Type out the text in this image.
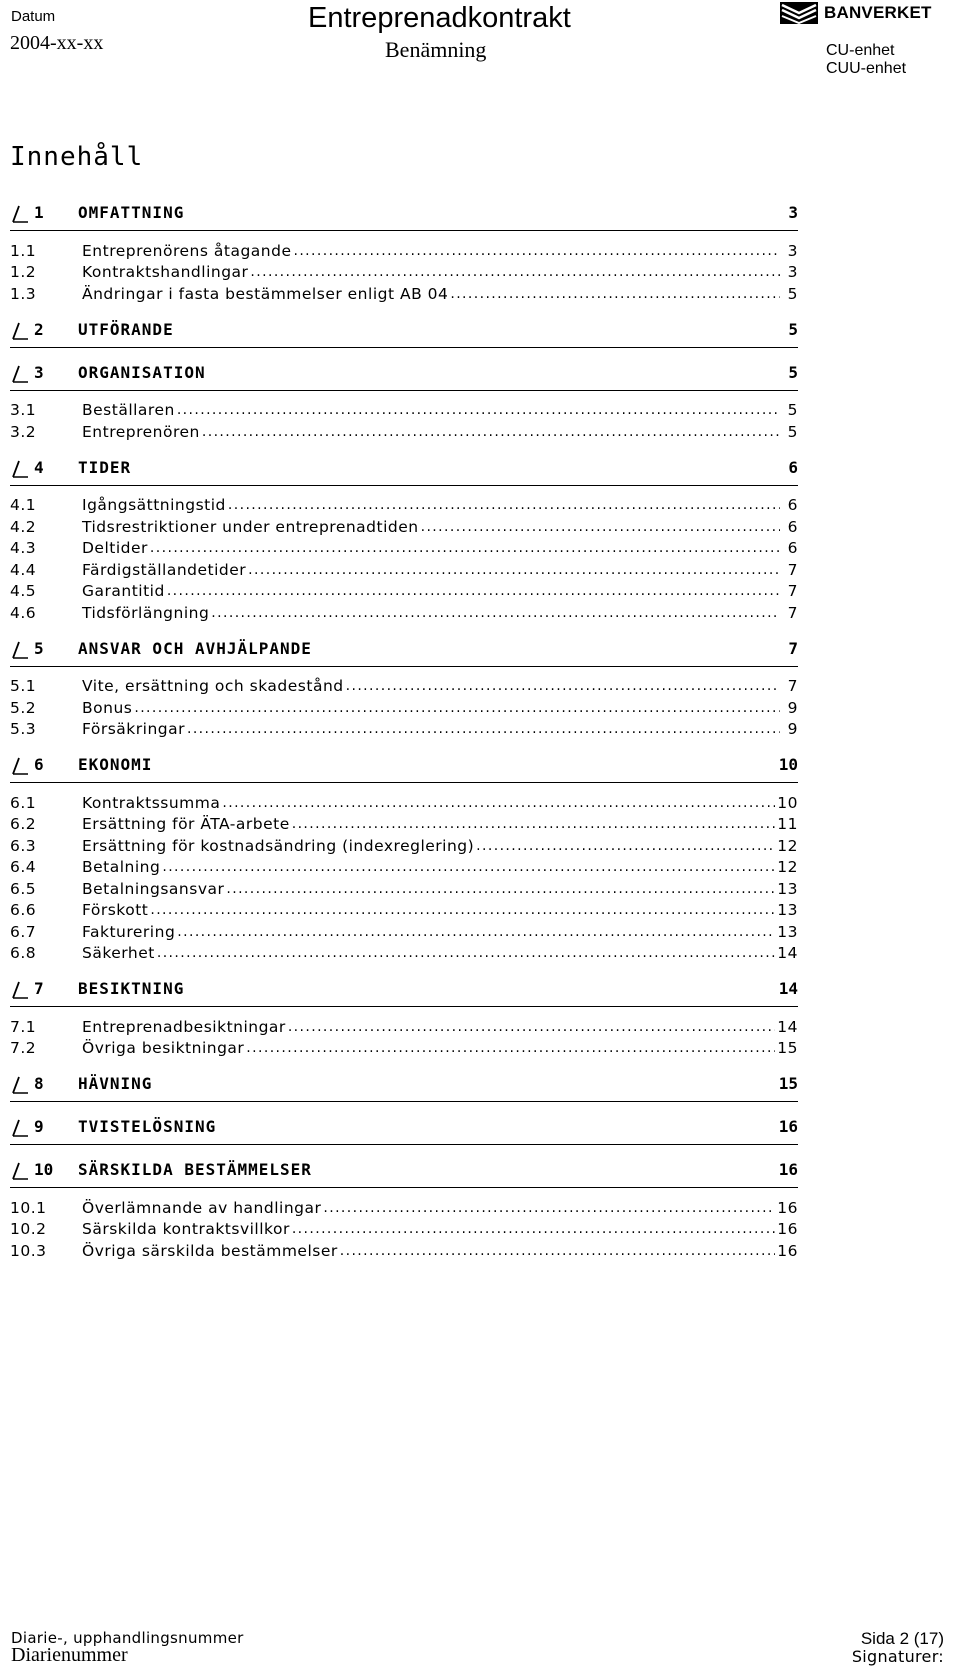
Datum
2004-xx-xx
Entreprenadkontrakt
Benämning
BANVERKET
CU-enhet
CUU-enhet
Innehåll
1	OMFATTNING	3
1.1	Entreprenörens åtagande .....	3
1.2	Kontraktshandlingar .....	3
1.3	Ändringar i fasta bestämmelser enligt AB 04 .....	5
2	UTFÖRANDE	5
3	ORGANISATION	5
3.1	Beställaren .....	5
3.2	Entreprenören .....	5
4	TIDER	6
4.1	Igångsättningstid .....	6
4.2	Tidsrestriktioner under entreprenadtiden .....	6
4.3	Deltider .....	6
4.4	Färdigställandetider .....	7
4.5	Garantitid .....	7
4.6	Tidsförlängning .....	7
5	ANSVAR OCH AVHJÄLPANDE	7
5.1	Vite, ersättning och skadestånd .....	7
5.2	Bonus .....	9
5.3	Försäkringar .....	9
6	EKONOMI	10
6.1	Kontraktssumma .....	10
6.2	Ersättning för ÄTA-arbete .....	11
6.3	Ersättning för kostnadsändring (indexreglering) .....	12
6.4	Betalning .....	12
6.5	Betalningsansvar .....	13
6.6	Förskott .....	13
6.7	Fakturering .....	13
6.8	Säkerhet .....	14
7	BESIKTNING	14
7.1	Entreprenadbesiktningar .....	14
7.2	Övriga besiktningar .....	15
8	HÄVNING	15
9	TVISTELÖSNING	16
10	SÄRSKILDA BESTÄMMELSER	16
10.1	Överlämnande av handlingar .....	16
10.2	Särskilda kontraktsvillkor .....	16
10.3	Övriga särskilda bestämmelser .....	16
Diarie-, upphandlingsnummer
Diarienummer
Sida 2 (17)
Signaturer:
